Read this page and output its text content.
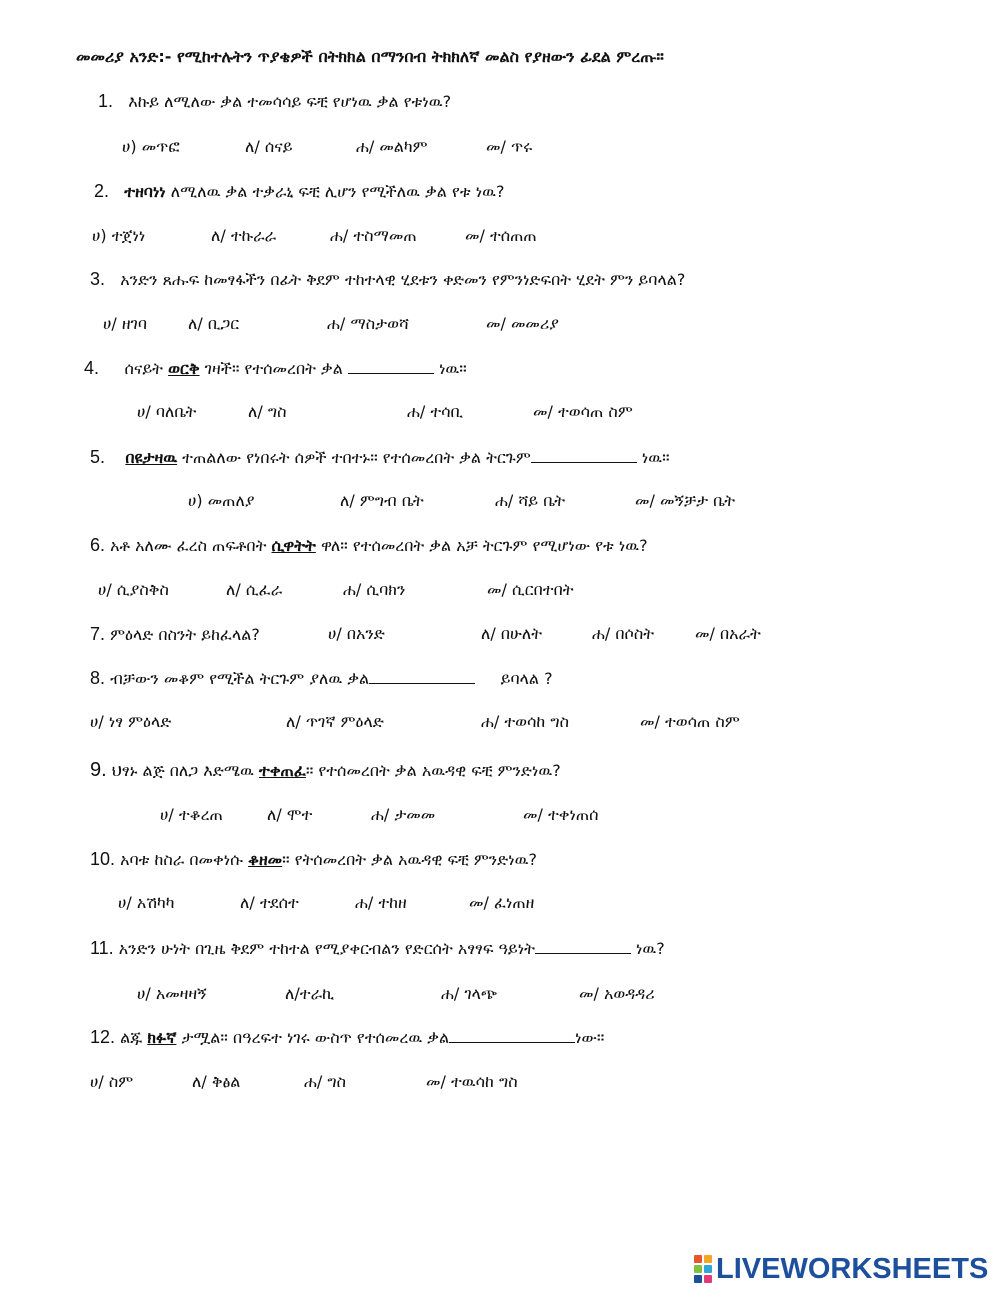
መመሪያ አንድ:- የሚከተሉትን ጥያቄዎች በትክክል በማንበብ ትክክለኛ መልስ የያዘውን ፊደል ምረጡ።
1. እኩይ ለሚለው ቃል ተመሳሳይ ፍቺ የሆነዉ ቃል የቱነዉ?
ሀ) መጥፎ	ለ/ ሰናይ	ሐ/ መልካም	መ/ ጥሩ
2. ተዘባነነ ለሚለዉ ቃል ተቃራኒ ፍቺ ሊሆን የሚችለዉ ቃል የቱ ነዉ?
ሀ) ተጀነነ	ለ/ ተኩራራ	ሐ/ ተስማመጠ	መ/ ተሰጠጠ
3. አንድን ጸሑፍ ከመፃፋችን በፊት ቅደም ተከተላዊ ሂደቱን ቀድመን የምንነድፍበት ሂደት ምን ይባላል?
ሀ/ ዘገባ	ለ/ ቢጋር	ሐ/ ማስታወሻ	መ/ መመሪያ
4. ሰናይት ወርቅ ገዛች። የተሰመረበት ቃል	ነዉ።
ሀ/ ባለቤት	ለ/ ግስ	ሐ/ ተሳቢ	መ/ ተወሳጠ ስም
5. በዩታዛዉ ተጠልለው የነበሩት ሰዎች ተበተኑ። የተሰመረበት ቃል ትርጉም	ነዉ።
ሀ) መጠለያ	ለ/ ምግብ ቤት	ሐ/ ሻይ ቤት	መ/ መኝቻታ ቤት
6. አቶ አለሙ ፈረስ ጠፍቶበት ሲዋትት ዋለ። የተሰመረበት ቃል አቻ ትርጉም የሚሆነው የቱ ነዉ?
ሀ/ ሲያስቅስ	ለ/ ሲፈራ	ሐ/ ሲባክን	መ/ ሲርበተበት
7. ምዕላድ በስንት ይከፈላል?	ሀ/ በአንድ	ለ/ በሁለት	ሐ/ በሶስት	መ/ በአራት
8. ብቻውን መቆም የሚችል ትርጉም ያለዉ ቃል	ይባላል ?
ሀ/ ነፃ ምዕላድ	ለ/ ጥገኛ ምዕላድ	ሐ/ ተወሳከ ግስ	መ/ ተወሳጠ ስም
9. ህፃኑ ልጅ በለጋ እድሜዉ ተቀጠፈ። የተሰመረበት ቃል አዉዳዊ ፍቺ ምንድነዉ?
ሀ/ ተቆረጠ	ለ/ ሞተ	ሐ/ ታመመ	መ/ ተቀነጠሰ
10. አባቱ ከስራ በመቀነሱ ቆዘመ። የትሰመረበት ቃል አዉዳዊ ፍቺ ምንድነዉ?
ሀ/ አሽካካ	ለ/ ተደሰተ	ሐ/ ተከዘ	መ/ ፈነጠዘ
11. አንድን ሁነት በጊዜ ቅደም ተከተል የሚያቀርብልን የድርሰት አፃፃፍ ዓይነት	ነዉ?
ሀ/ አመዛዛኝ	ለ/ተራኪ	ሐ/ ገላጭ	መ/ አወዳዳሪ
12. ልጁ ክፉኛ ታሟል። በዓረፍተ ነገሩ ውስጥ የተሰመረዉ ቃል	ነው።
ሀ/ ስም	ለ/ ቅፅል	ሐ/ ግስ	መ/ ተዉሳከ ግስ
LIVEWORKSHEETS
